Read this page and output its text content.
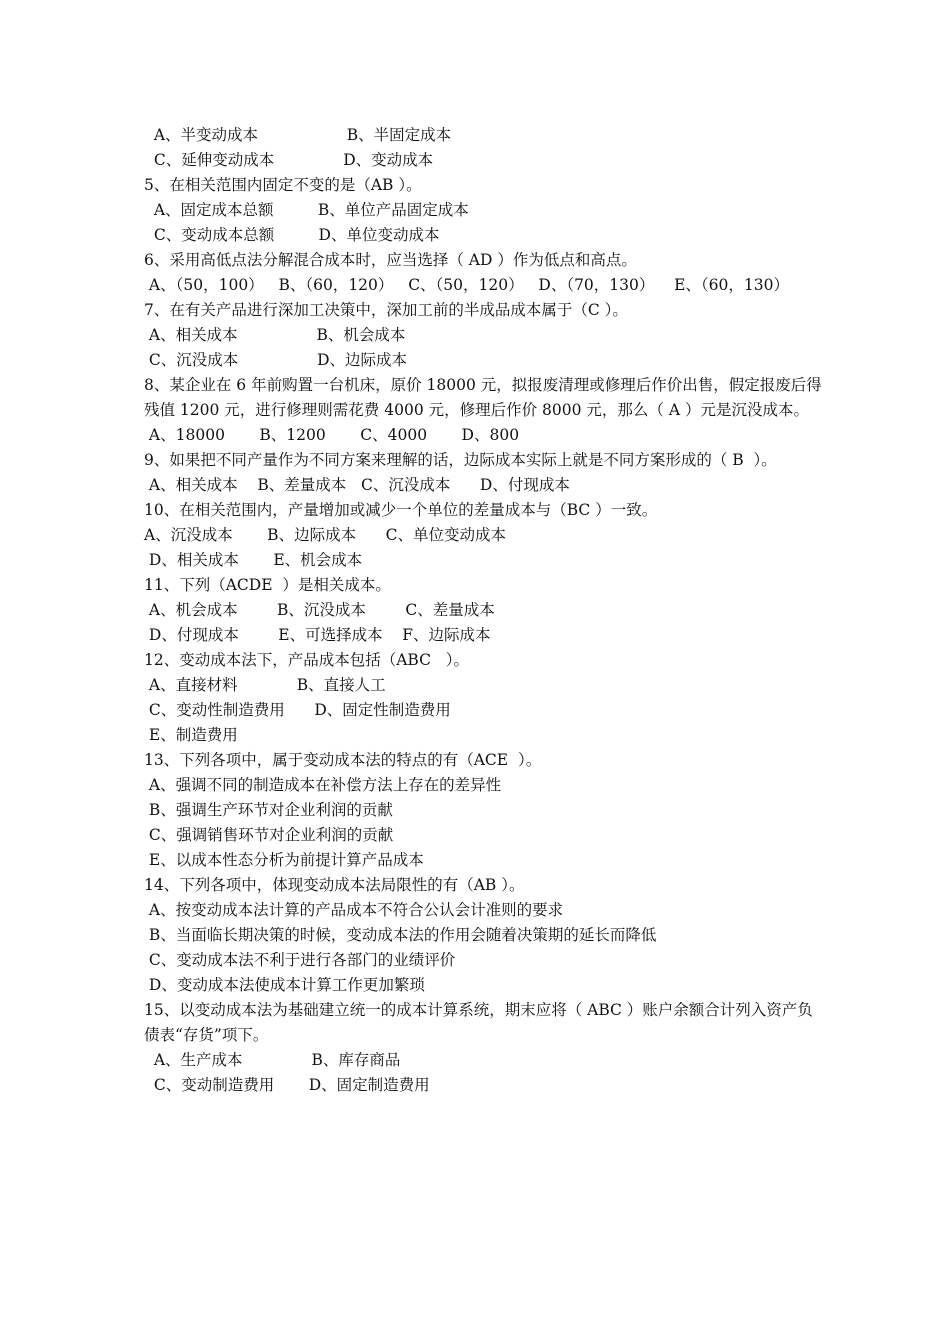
A、半变动成本                  B、半固定成本
C、延伸变动成本              D、变动成本
5、在相关范围内固定不变的是（AB ）。
A、固定成本总额         B、单位产品固定成本
C、变动成本总额         D、单位变动成本
6、采用高低点法分解混合成本时，应当选择（ AD ）作为低点和高点。
A、（50，100）   B、（60，120）   C、（50，120）   D、（70，130）    E、（60，130）
7、在有关产品进行深加工决策中，深加工前的半成品成本属于（C ）。
A、相关成本                B、机会成本
C、沉没成本                D、边际成本
8、某企业在 6 年前购置一台机床，原价 18000 元，拟报废清理或修理后作价出售，假定报废后得残值 1200 元，进行修理则需花费 4000 元，修理后作价 8000 元，那么（ A ）元是沉没成本。
A、18000       B、1200       C、4000       D、800
9、如果把不同产量作为不同方案来理解的话，边际成本实际上就是不同方案形成的（ B  ）。
A、相关成本    B、差量成本   C、沉没成本      D、付现成本
10、在相关范围内，产量增加或减少一个单位的差量成本与（BC ）一致。
A、沉没成本       B、边际成本      C、单位变动成本
D、相关成本       E、机会成本
11、下列（ACDE  ）是相关成本。
A、机会成本        B、沉没成本        C、差量成本
D、付现成本        E、可选择成本    F、边际成本
12、变动成本法下，产品成本包括（ABC   ）。
A、直接材料            B、直接人工
C、变动性制造费用      D、固定性制造费用
E、制造费用
13、下列各项中，属于变动成本法的特点的有（ACE  ）。
A、强调不同的制造成本在补偿方法上存在的差异性
B、强调生产环节对企业利润的贡献
C、强调销售环节对企业利润的贡献
E、以成本性态分析为前提计算产品成本
14、下列各项中，体现变动成本法局限性的有（AB ）。
A、按变动成本法计算的产品成本不符合公认会计准则的要求
B、当面临长期决策的时候，变动成本法的作用会随着决策期的延长而降低
C、变动成本法不利于进行各部门的业绩评价
D、变动成本法使成本计算工作更加繁琐
15、以变动成本法为基础建立统一的成本计算系统，期末应将（ ABC ）账户余额合计列入资产负债表“存货”项下。
A、生产成本              B、库存商品
C、变动制造费用       D、固定制造费用
